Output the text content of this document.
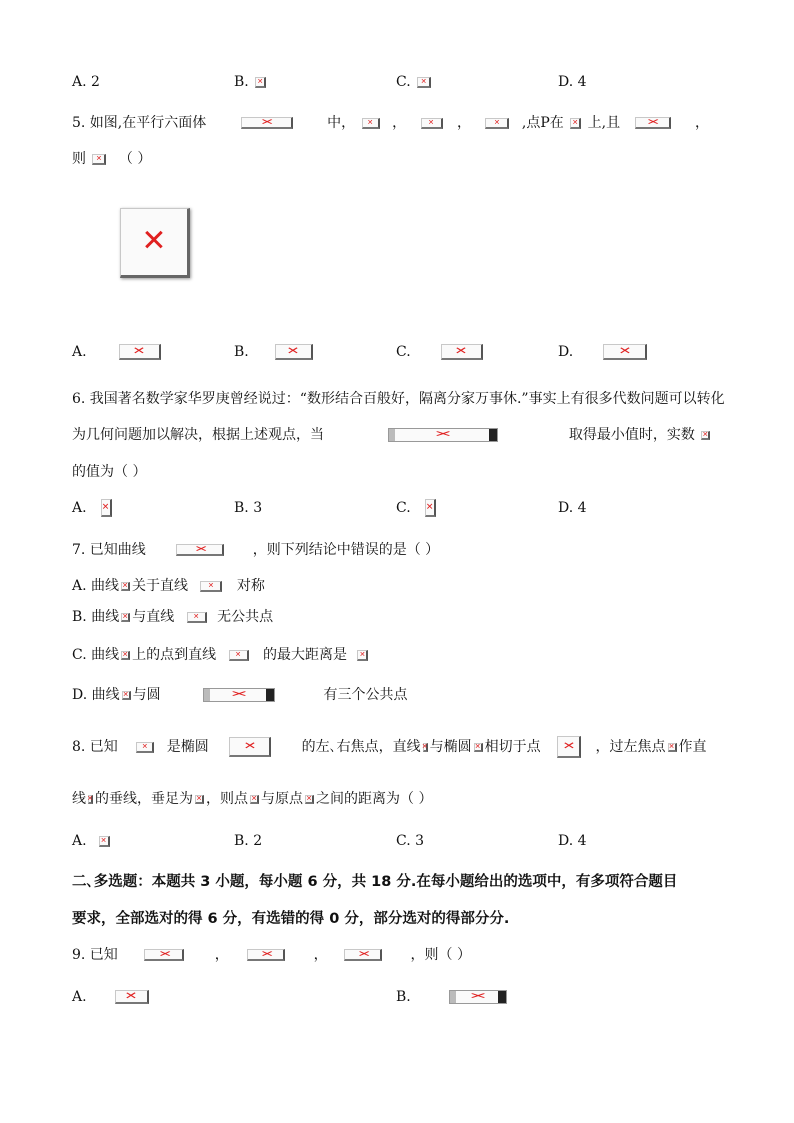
A. 2	B. ✕	C. ✕	D. 4
5. 如图,在平行六面体 ✕	中， ✕	， ✕	， ✕	,点P在 ✕ 上,且 ✕	，
则 ✕ （ ）
✕
A. ✕	B. ✕	C. ✕	D.✕
6. 我国著名数学家华罗庚曾经说过：“数形结合百般好，隔离分家万事休.”事实上有很多代数问题可以转化
为几何问题加以解决，根据上述观点，当 ✕	取得最小值时，实数 ✕
的值为（ ）
A. ✕	B. 3	C. ✕	D. 4
7. 已知曲线 ✕	，则下列结论中错误的是（ ）
A. 曲线 ✕ 关于直线 ✕	对称
B. 曲线 ✕ 与直线 ✕	无公共点
C. 曲线 ✕ 上的点到直线 ✕	的最大距离是 ✕
D. 曲线 ✕ 与圆 ✕	有三个公共点
8. 已知 ✕	是椭圆 ✕	的左､右焦点，直线 ✕ 与椭圆 ✕ 相切于点 ✕	，过左焦点 ✕ 作直
线 ✕ 的垂线，垂足为 ✕ ，则点 ✕ 与原点 ✕ 之间的距离为（ ）
A. ✕	B. 2	C. 3	D. 4
二､多选题：本题共 3 小题，每小题 6 分，共 18 分.在每小题给出的选项中，有多项符合题目
要求，全部选对的得 6 分，有选错的得 0 分，部分选对的得部分分.
9. 已知 ✕	， ✕	， ✕	，则（ ）
A. ✕	B.✕
